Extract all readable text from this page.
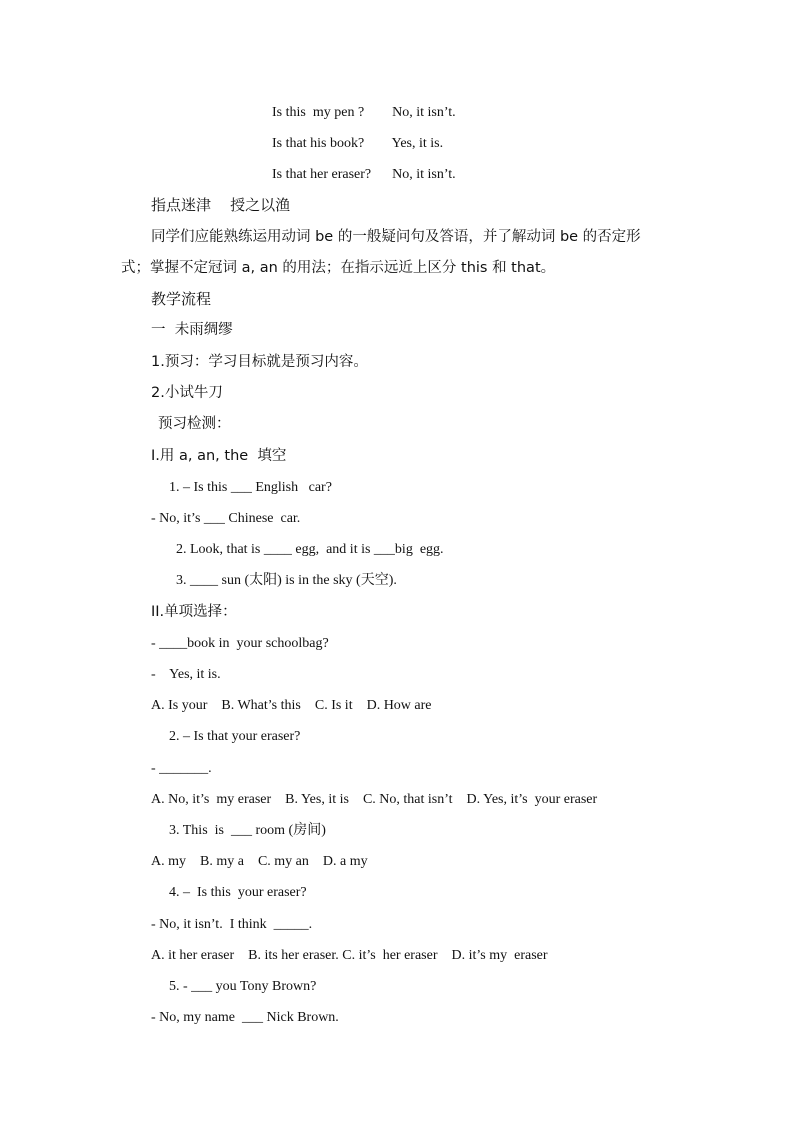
Is this  my pen ?        No, it isn’t.
Is that his book?        Yes, it is.
Is that her eraser?      No, it isn’t.
指点迷津    授之以渔
同学们应能熟练运用动词 be 的一般疑问句及答语，并了解动词 be 的否定形
式；掌握不定冠词 a, an 的用法；在指示远近上区分 this 和 that。
教学流程
一  未雨绸缪
1.预习：学习目标就是预习内容。
2.小试牛刀
预习检测：
I.用 a, an, the  填空
1. – Is this ___ English   car?
- No, it’s ___ Chinese  car.
2. Look, that is ____ egg,  and it is ___big  egg.
3. ____ sun (太阳) is in the sky (天空).
II.单项选择：
- ____book in  your schoolbag?
-    Yes, it is.
A. Is your    B. What’s this    C. Is it    D. How are
2. – Is that your eraser?
- _______.
A. No, it’s  my eraser    B. Yes, it is    C. No, that isn’t    D. Yes, it’s  your eraser
3. This  is  ___ room (房间)
A. my    B. my a    C. my an    D. a my
4. –  Is this  your eraser?
- No, it isn’t.  I think  _____.
A. it her eraser    B. its her eraser. C. it’s  her eraser    D. it’s my  eraser
5. - ___ you Tony Brown?
- No, my name  ___ Nick Brown.
